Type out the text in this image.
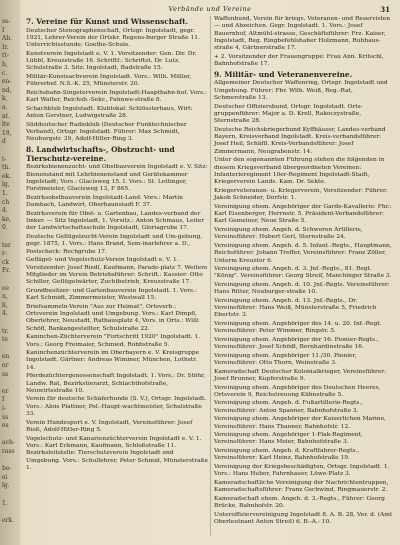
ss-
I
Ab.
Ir.
tt-
b,
c.
en-
nd,
k,
a.
at.
lte
18,
d
t-
th.
ek.
lg,
1.
ch
4.
ke,
0.
ter
r-
ck
Fr.
ee
n,
li,
4.
tr.
te
en
er
ss
er
I
i-
ss
es
ach-
rass
be-
ei
lg.
1.
erk.
Verbände und Vereine	31
7. Vereine für Kunst und Wissenschaft.
Deutscher Stenographenschaft, Ortsgr. Ingolstadt, gegr. 1921, Lehrer-Verein der Ortskr. Regens-burger Straße 11. Unterrichtsstunde: Goethe-Schule.
Kunstverein Ingolstadt e. V. 1. Vorsitzender: Gen. Dir. Dr. Lübbl, Kreuzstraße 16. Schriftf.: Schriftst. Dr. Lutz, Schulstraße 3. Sitz: Ingolstadt, Badstraße 15.
Militär-Kunstsachverein Ingolstadt. Vors.: Wilh. Müller, Führerbef. N.S.-K. 25, Münsterstr. 20.
Reichsbahn-Singeterverein Ingolstadt-Hauptbahn-hof. Vors.: Karl Walter, Reichsb.-Sekr., Fahnwe-straße 8.
Schachklub Ingolstadt. Klublokal: Schlösslerhaus, Wirt: Anton Gerstner, Ludwigstraße 28.
Süddeutscher Radioklub (Deutscher Funktechnischer Verband), Ortsgr. Ingolstadt. Führer: Max Schmidt, Neuburgstr. 39, Adolf-Hitler-Ring 3.
8. Landwirtschafts-, Obstzucht- und Tierschutz-vereine.
Bezirksbienenzucht- und Obstbauverein Ingolstadt e. V. Sitz: Bienenstand mit Lehrbienenstand und Gerätekammer Ingolstadt; Vors.: Glacisweg 15. I. Vors.: St. Lettinger, Forstmeister, Glacisweg 13, F 865.
Bezirksobstbauverein Ingolstadt-Land. Vors.: Martin Dambach, Landwirt, Oberhaunstadt F. 37.
Bezirksverein für Obst- u. Gartenbau, Landes-verband der Imker. — Sitz Ingolstadt, 1. Vorsitz.: Anton Schmaus, Leiter der Landwirtschaftsschule Ingolstadt, Gloriagrube 17.
Deutsche Geflügelzucht-Verein Ingolstadt und Um-gebung, gegr. 1875, 1. Vors.: Hans Brand, Sem-inarlehrer a. D., Postscheck: Rechgrube 17.
Geflügel- und Vogelschutz-Verein Ingolstadt e. V. 1. Vorsitzender: Josef Riedl, Kaufmann, Parade-platz 7. Weitere Mitglieder im Verein Betriebsführer: Schrift.: Kassier: Otto Schiller, Geflügelwärter, Zuchtbetrieb, Kreuzstraße 17.
Grundbesitzer- und Gartenbauverein Ingolstadt. 1. Vors.: Karl Schmidt, Zimmermeister, Westwall 15.
Briefsammeln-Verein "Aus zur Heimat", Ortsverb.: Ortsverein Ingolstadt und Umgebung. Vors.: Karl Dimpfl, Oberlehrer, Neustadt, Rathausplatz 4, Vors. in Orts.: Willi Schöfl, Bankangestellter, Schulstraße 22.
Kaninchen-Züchterverein "Fortschritt 1920" Ingolstadt. 1. Vors.: Georg Freimaier, Schmied, Robbstraße 5.
Kaninchenzüchterverein im Oberbayern e. V. Kreisgruppe Ingolstadt. Gärtner: Andreas Wimmer, München, Lothstr. 14.
Pferdezüchtergenossenschaft Ingolstadt. 1. Vors.: Dr. Stöhr, Landw. Rat, Bezirkstierarzt, Schlachthofstraße, Neuwirtsstraße 10.
Verein für deutsche Schäferhunde (S. V.), Ortsgr. Ingolstadt. Vors.: Alois Plattner, Pol.-Haupt-wachtmeister, Schulstraße 33.
Verein Hundesport e. V. Ingolstadt, Vereinsführer: Josef Rieß, Adolf-Hitler-Ring 5.
Vogelschutz- und Kanarienzüchterverein Ingolstadt e. V. 1. Vors.: Karl Eckmann, Kaufmann, Schloßstraße 11. Bezirksleitstelle: Tierschutzverein Ingolstadt und Umgebung. Vors.: Schullehrer, Peter Schmid, Münsterstraße 1.
Waffenbund, Verein für kriegs. Veteranen- und Reservisten — und Abzeichen. Gegr. Ingolstadt. 1. Vors.: Josef Bauernhof, Altmühl-strasse, Geschäftsführer: Frz. Kaiser, Ingolstadt, Reg. Ringbefehlshaber Holzmann, Ruhhaus-straße 4, Gärtnerstraße 17.
+ 2. Vorsitzender der Frauengruppe: Frau Ann. Kritschl, Bahnhofstraße 17.
9. Militär- und Veteranenvereine.
Allgemeiner Deutscher Waffenring, Ortsgr. Ingolstadt und Umgebung. Führer: Fbr. Wilh. Weiß, Reg.-Rat, Schmerstraße 13.
Deutscher Offiziersbund, Ortsgr. Ingolstadt. Orts-gruppenführer: Major a. D. Krell, Rakoczystraße, Sternstraße 28.
Deutsche Reichskriegerbund Kyffhäuser, Landes-verband Bayern, Kreisverband Ingolstadt. Kreis-verbandsführer: Josef Heil, Schäffl. Kreis-Verbandsführer: Josef Zimmermann, Neugrabenstr. 14.
Unter den sogenannten Führung stehen die folgenden in diesem Kriegsverband übergeordneten Vereinen: Infanterieregiment 10er-Regiment Ingolstadt-Stadt, Kriegerverein Lands. Kam. Dr. Sekte.
Kriegerveteranen- u. Kriegerverein, Vorsitzender: Führer: Jakob Schneider, Dorfstr. 1.
Vereinigung ehem. Angehöriger der Garde-Kavallerie: Fhr.: Karl Eisenberger, Herrnstr. 5. Präsident-Verbandsführer: Karl Gemeiner, Neue Straße 5.
Vereinigung ehem. Angeh. d. Schweren Artillerie, Vereinsführer: Hubert Gerl, Sternstraße 24.
Vereinigung ehem. Angeh. d. 5. Infant.-Regts., Hauptmann, Reichsführer: Johann Treffer, Vereinsführer: Franz Zöller, Unterm Kreuztor 6.
Vereinigung ehem. Angeh. d. 3. Jnf.-Regts., 81. Regt. "König". Vereinsführer: Georg Streif, Manchinger Straße 3.
Vereinigung ehem. Angeh. d. 10. Jnf.-Regts. Vereinsführer: Hans Ritter, Neuburger-straße 10.
Vereinigung ehem. Angeh. d. 13. Jnf.-Regts., Dr. Vereinsführer: Hans Weiß, Münsterstraße 5, Friedrich Ebertstr. 3.
Vereinigung ehem. Angehöriger des 14. u. 20. Inf.-Regt. Vereinsführer: Peter Wimmer, Ringstr. 5.
Vereinigung ehem. Angehöriger der 16. Pionier-Regts., Vereinsführer: Josef Schödl, Bernhardinstraße 16.
Vereinigung ehem. Angehöriger 11./30. Pionier, Vereinsführer: Otto Thorn, Weinstraße 3.
Kameradschaft Deutscher Kolonialkrieger, Vereinsführer: Josef Brunner, Kupferstraße 9.
Vereinigung ehem. Angehöriger des Deutschen Heeres, Ortsverein 9, Reichstreuung Kühnstraße 5.
Vereinigung ehem. Angeh. d. Fußartillerie-Regts., Vereinsführer: Anton Spanner, Bahnhofstraße 3.
Vereinigung ehem. Angehöriger der Kaiserlichen Marine, Vereinsführer: Hans Thanner, Bahnhofstr. 12.
Vereinigung ehem. Angehöriger 1-Flak-Regiment, Vereinsführer: Hans Meier, Bahnhofstraße 3.
Vereinigung ehem. Angeh. d. Kraftfahrer-Regts., Vereinsführer: Karl Heinz, Bahnhofstraße 19.
Vereinigung der Kriegsbeschädigten, Ortsgr. Ingolstadt. 1. Vors.: Hans Huber, Fahrnhauer, Löwe-Platz 3.
Kameradschaftliche Vereinigung der Nachrichtentruppen, Kameradschaftsführer: Franz Gschwind, Ringmauerstr. 2.
Kameradschaft ehem. Angeh. d. 3.-Regts., Führer: Georg Brücke, Bahnhofstr. 20.
Unteroffiziervereinigung Ingolstadt 8. A. B. 28, Ver. d. (Amt Oberleutnant Anton Streil) 6. B.-A.- 10.
